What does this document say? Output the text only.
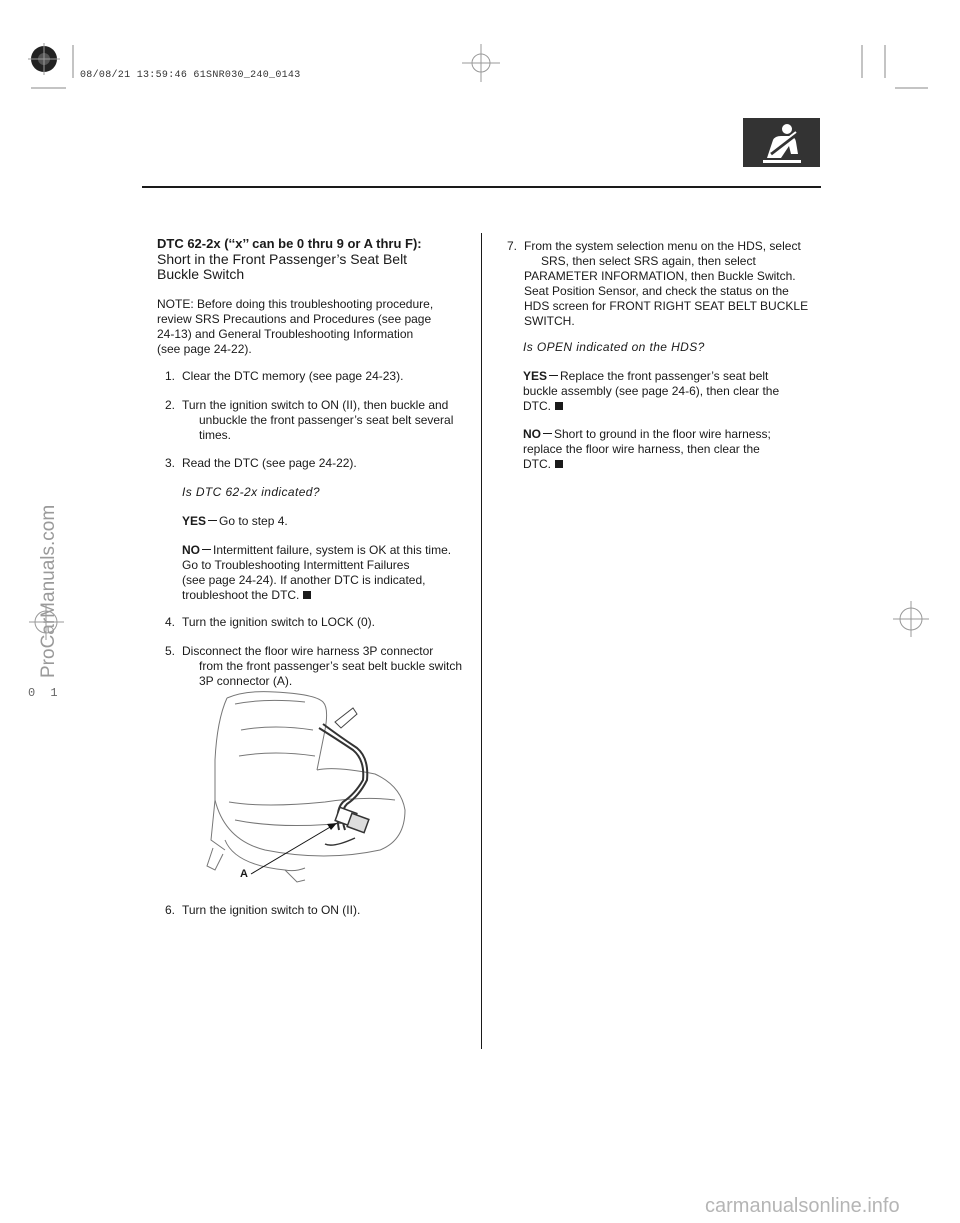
08/08/21 13:59:46 61SNR030_240_0143
DTC 62-2x (‘‘x’’ can be 0 thru 9 or A thru F):
Short in the Front Passenger’s Seat Belt
Buckle Switch
NOTE: Before doing this troubleshooting procedure,
review SRS Precautions and Procedures (see page
24-13) and General Troubleshooting Information
(see page 24-22).
1. Clear the DTC memory (see page 24-23).
2. Turn the ignition switch to ON (II), then buckle and
unbuckle the front passenger’s seat belt several
times.
3. Read the DTC (see page 24-22).
Is DTC 62-2x indicated?
YES Go to step 4.
NO Intermittent failure, system is OK at this time.
Go to Troubleshooting Intermittent Failures
(see page 24-24). If another DTC is indicated,
troubleshoot the DTC.
4. Turn the ignition switch to LOCK (0).
5. Disconnect the floor wire harness 3P connector
from the front passenger’s seat belt buckle switch
3P connector (A).
A
6. Turn the ignition switch to ON (II).
7. From the system selection menu on the HDS, select
SRS, then select SRS again, then select
PARAMETER INFORMATION, then Buckle Switch.
Seat Position Sensor, and check the status on the
HDS screen for FRONT RIGHT SEAT BELT BUCKLE
SWITCH.
Is OPEN indicated on the HDS?
YES Replace the front passenger’s seat belt
buckle assembly (see page 24-6), then clear the
DTC.
NO Short to ground in the floor wire harness;
replace the floor wire harness, then clear the
DTC.
ProCarManuals.com
0 1
carmanualsonline.info
